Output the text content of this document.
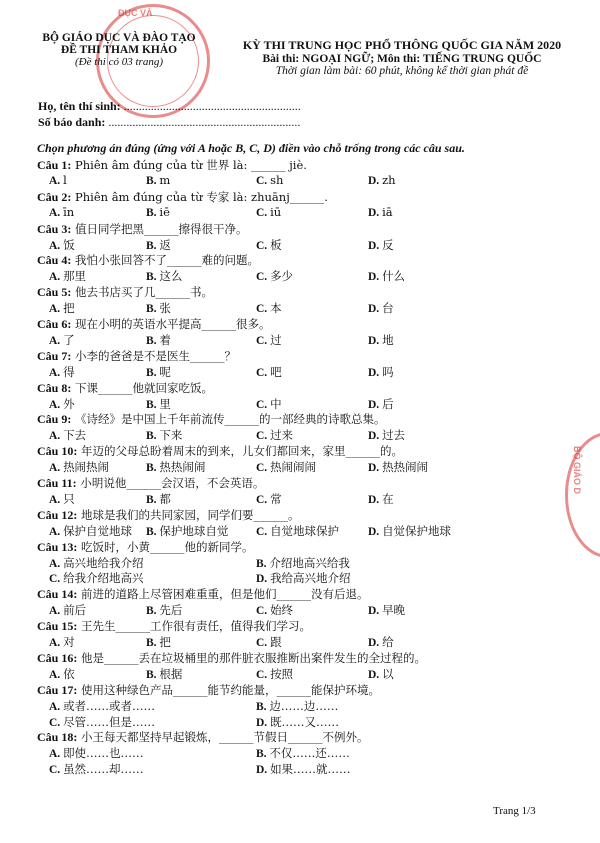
ĐỤC VÀ
BỘ GIÁO D
BỘ GIÁO DỤC VÀ ĐÀO TẠO
ĐỀ THI THAM KHẢO
(Đề thi có 03 trang)
KỲ THI TRUNG HỌC PHỔ THÔNG QUỐC GIA NĂM 2020
Bài thi: NGOẠI NGỮ; Môn thi: TIẾNG TRUNG QUỐC
Thời gian làm bài: 60 phút, không kể thời gian phát đề
Họ, tên thí sinh: ...........................................................
Số báo danh: ................................................................
Chọn phương án đúng (ứng với A hoặc B, C, D) điền vào chỗ trống trong các câu sau.
Câu 1: Phiên âm đúng của từ 世界 là: ______ jiè.
A. l	B. m	C. sh	D. zh
Câu 2: Phiên âm đúng của từ 专家 là: zhuānj______.
A. īn	B. iē	C. iū	D. iā
Câu 3: 值日同学把黑______擦得很干净。
A. 饭	B. 返	C. 板	D. 反
Câu 4: 我怕小张回答不了______难的问题。
A. 那里	B. 这么	C. 多少	D. 什么
Câu 5: 他去书店买了几______书。
A. 把	B. 张	C. 本	D. 台
Câu 6: 现在小明的英语水平提高______很多。
A. 了	B. 着	C. 过	D. 地
Câu 7: 小李的爸爸是不是医生______？
A. 得	B. 呢	C. 吧	D. 吗
Câu 8: 下课______他就回家吃饭。
A. 外	B. 里	C. 中	D. 后
Câu 9: 《诗经》是中国上千年前流传______的一部经典的诗歌总集。
A. 下去	B. 下来	C. 过来	D. 过去
Câu 10: 年迈的父母总盼着周末的到来，儿女们都回来，家里______的。
A. 热闹热闹	B. 热热闹闹	C. 热闹闹闹	D. 热热闹闹
Câu 11: 小明说他______会汉语，不会英语。
A. 只	B. 都	C. 常	D. 在
Câu 12: 地球是我们的共同家园，同学们要______。
A. 保护自觉地球 B. 保护地球自觉 C. 自觉地球保护	D. 自觉保护地球
Câu 13: 吃饭时，小黄______他的新同学。
A. 高兴地给我介绍	B. 介绍地高兴给我
C. 给我介绍地高兴	D. 我给高兴地介绍
Câu 14: 前进的道路上尽管困难重重，但是他们______没有后退。
A. 前后	B. 先后	C. 始终	D. 早晚
Câu 15: 王先生______工作很有责任，值得我们学习。
A. 对	B. 把	C. 跟	D. 给
Câu 16: 他是______丢在垃圾桶里的那件脏衣服推断出案件发生的全过程的。
A. 依	B. 根据	C. 按照	D. 以
Câu 17: 使用这种绿色产品______能节约能量，______能保护环境。
A. 或者……或者……	B. 边……边……
C. 尽管……但是……	D. 既……又……
Câu 18: 小王每天都坚持早起锻炼，______节假日______不例外。
A. 即使……也……	B. 不仅……还……
C. 虽然……却……	D. 如果……就……
Trang 1/3
